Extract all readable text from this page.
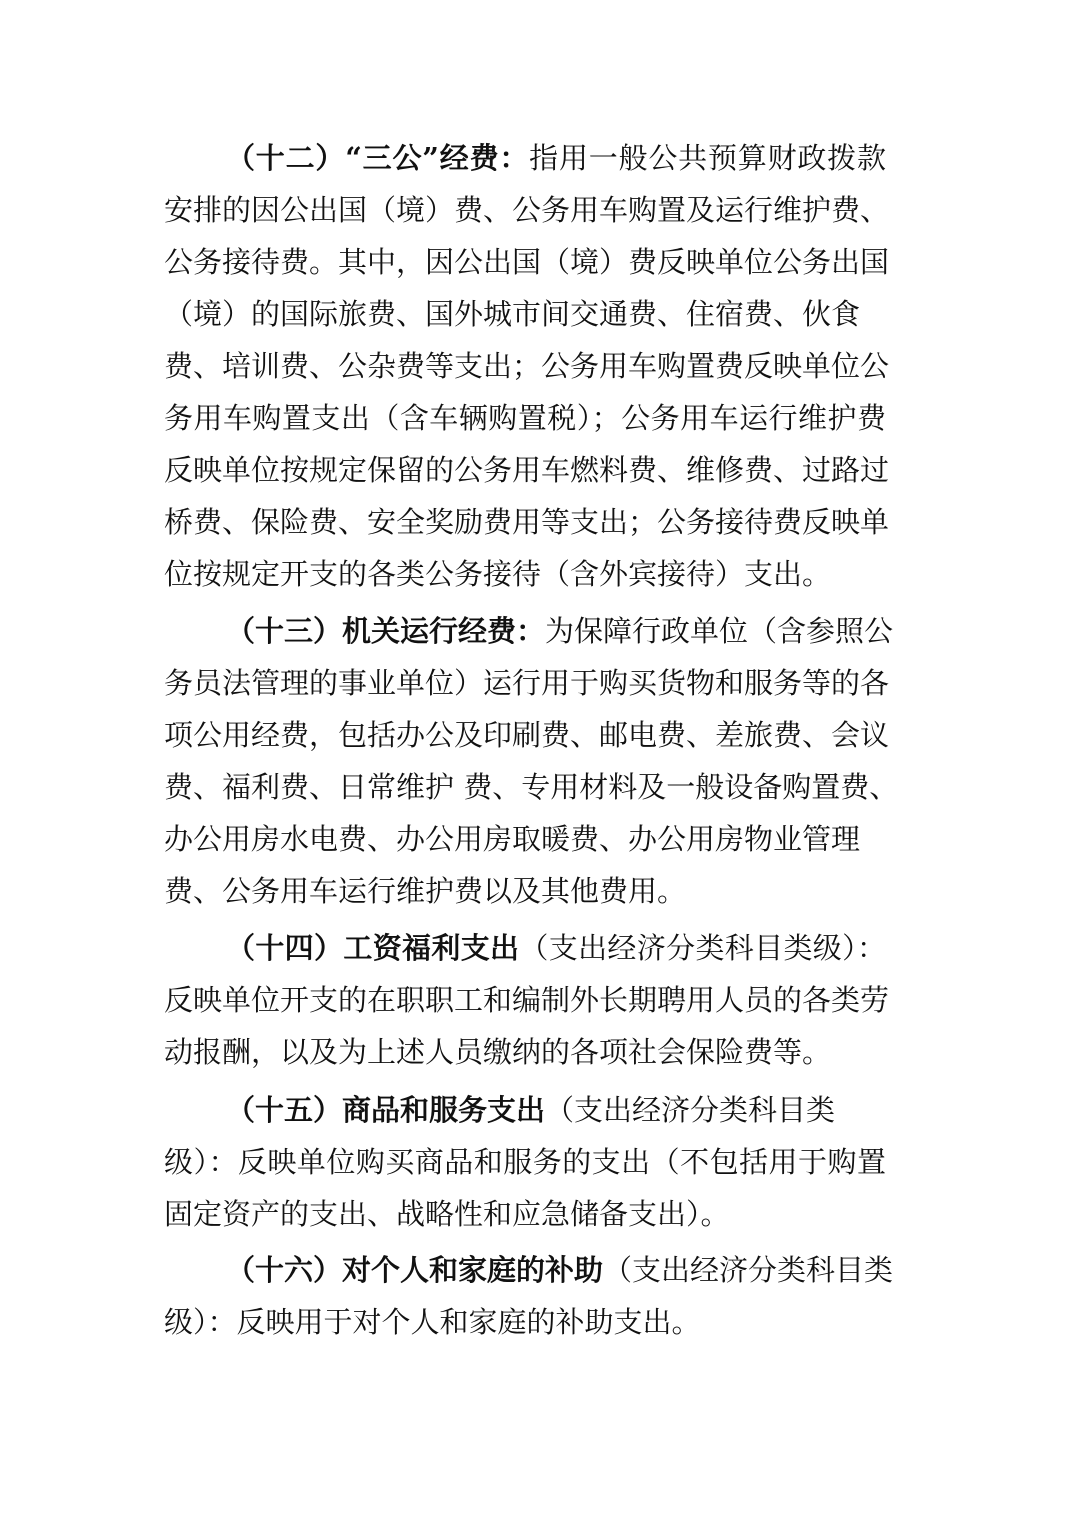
（十二）“三公”经费：指用一般公共预算财政拨款
安排的因公出国（境）费、公务用车购置及运行维护费、
公务接待费。其中，因公出国（境）费反映单位公务出国
（境）的国际旅费、国外城市间交通费、住宿费、伙食
费、培训费、公杂费等支出；公务用车购置费反映单位公
务用车购置支出（含车辆购置税）；公务用车运行维护费
反映单位按规定保留的公务用车燃料费、维修费、过路过
桥费、保险费、安全奖励费用等支出；公务接待费反映单
位按规定开支的各类公务接待（含外宾接待）支出。
（十三）机关运行经费：为保障行政单位（含参照公
务员法管理的事业单位）运行用于购买货物和服务等的各
项公用经费，包括办公及印刷费、邮电费、差旅费、会议
费、福利费、日常维护 费、专用材料及一般设备购置费、
办公用房水电费、办公用房取暖费、办公用房物业管理
费、公务用车运行维护费以及其他费用。
（十四）工资福利支出（支出经济分类科目类级）：
反映单位开支的在职职工和编制外长期聘用人员的各类劳
动报酬，以及为上述人员缴纳的各项社会保险费等。
（十五）商品和服务支出（支出经济分类科目类
级）：反映单位购买商品和服务的支出（不包括用于购置
固定资产的支出、战略性和应急储备支出）。
（十六）对个人和家庭的补助（支出经济分类科目类
级）：反映用于对个人和家庭的补助支出。
